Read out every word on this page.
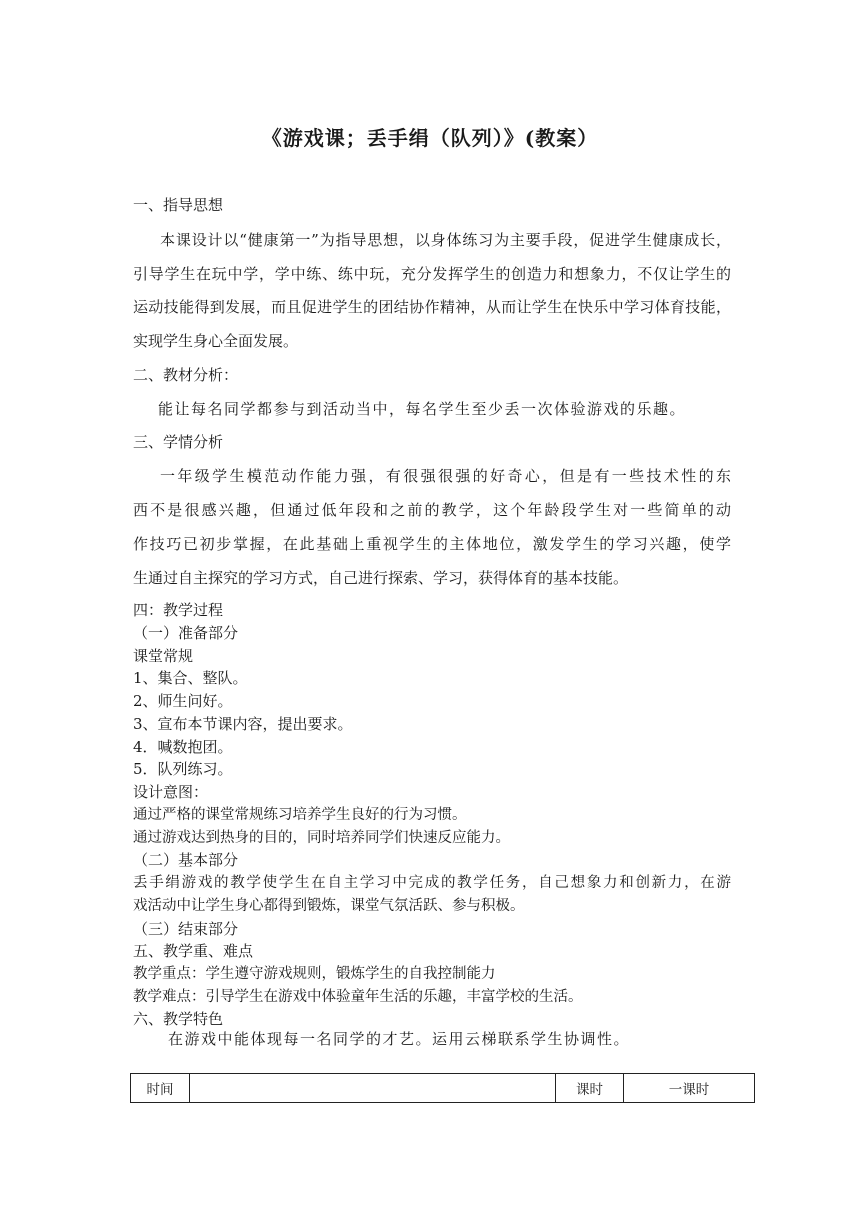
《游戏课；丢手绢（队列）》(教案）
一、指导思想
本课设计以“健康第一”为指导思想，以身体练习为主要手段，促进学生健康成长，
引导学生在玩中学，学中练、练中玩，充分发挥学生的创造力和想象力，不仅让学生的
运动技能得到发展，而且促进学生的团结协作精神，从而让学生在快乐中学习体育技能，
实现学生身心全面发展。
二、教材分析：
能让每名同学都参与到活动当中，每名学生至少丢一次体验游戏的乐趣。
三、学情分析
一年级学生模范动作能力强，有很强很强的好奇心，但是有一些技术性的东
西不是很感兴趣，但通过低年段和之前的教学，这个年龄段学生对一些简单的动
作技巧已初步掌握，在此基础上重视学生的主体地位，激发学生的学习兴趣，使学
生通过自主探究的学习方式，自己进行探索、学习，获得体育的基本技能。
四：教学过程
（一）准备部分
课堂常规
1、集合、整队。
2、师生问好。
3、宣布本节课内容，提出要求。
4．喊数抱团。
5．队列练习。
设计意图：
通过严格的课堂常规练习培养学生良好的行为习惯。
通过游戏达到热身的目的，同时培养同学们快速反应能力。
（二）基本部分
丢手绢游戏的教学使学生在自主学习中完成的教学任务，自己想象力和创新力，在游
戏活动中让学生身心都得到锻炼，课堂气氛活跃、参与积极。
（三）结束部分
五、教学重、难点
教学重点：学生遵守游戏规则，锻炼学生的自我控制能力
教学难点：引导学生在游戏中体验童年生活的乐趣，丰富学校的生活。
六、教学特色
在游戏中能体现每一名同学的才艺。运用云梯联系学生协调性。
时间		课时	一课时
